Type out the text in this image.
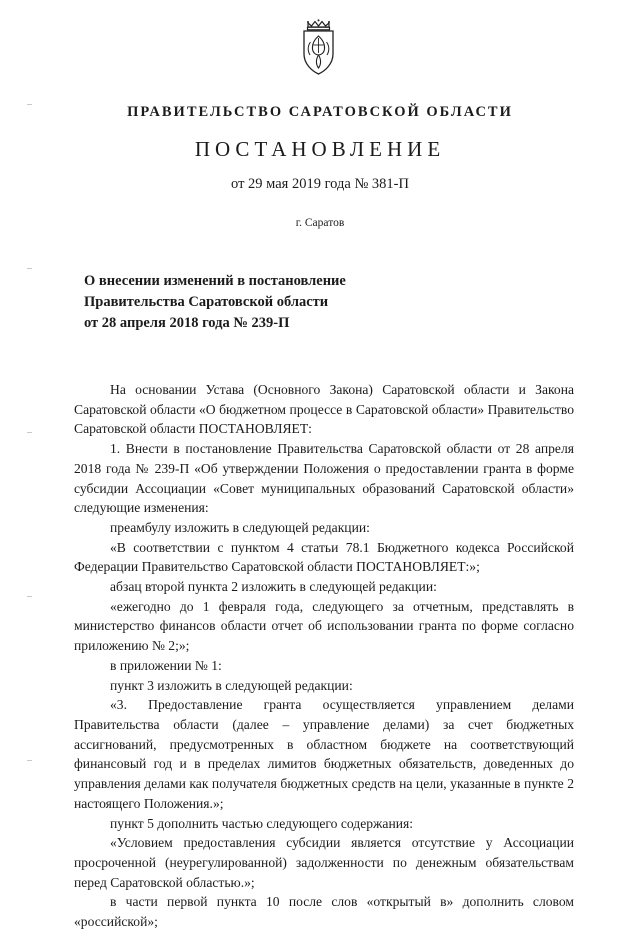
ПРАВИТЕЛЬСТВО САРАТОВСКОЙ ОБЛАСТИ
ПОСТАНОВЛЕНИЕ
от 29 мая 2019 года № 381-П
г. Саратов
О внесении изменений в постановление
Правительства Саратовской области
от 28 апреля 2018 года № 239-П

На основании Устава (Основного Закона) Саратовской области и Закона Саратовской области «О бюджетном процессе в Саратовской области» Правительство Саратовской области ПОСТАНОВЛЯЕТ:

1. Внести в постановление Правительства Саратовской области от 28 апреля 2018 года № 239-П «Об утверждении Положения о предоставлении гранта в форме субсидии Ассоциации «Совет муниципальных образований Саратовской области» следующие изменения:

преамбулу изложить в следующей редакции:

«В соответствии с пунктом 4 статьи 78.1 Бюджетного кодекса Российской Федерации Правительство Саратовской области ПОСТАНОВЛЯЕТ:»;

абзац второй пункта 2 изложить в следующей редакции:

«ежегодно до 1 февраля года, следующего за отчетным, представлять в министерство финансов области отчет об использовании гранта по форме согласно приложению № 2;»;

в приложении № 1:

пункт 3 изложить в следующей редакции:

«3. Предоставление гранта осуществляется управлением делами Правительства области (далее – управление делами) за счет бюджетных ассигнований, предусмотренных в областном бюджете на соответствующий финансовый год и в пределах лимитов бюджетных обязательств, доведенных до управления делами как получателя бюджетных средств на цели, указанные в пункте 2 настоящего Положения.»;

пункт 5 дополнить частью следующего содержания:

«Условием предоставления субсидии является отсутствие у Ассоциации просроченной (неурегулированной) задолженности по денежным обязательствам перед Саратовской областью.»;

в части первой пункта 10 после слов «открытый в» дополнить словом «российской»;
